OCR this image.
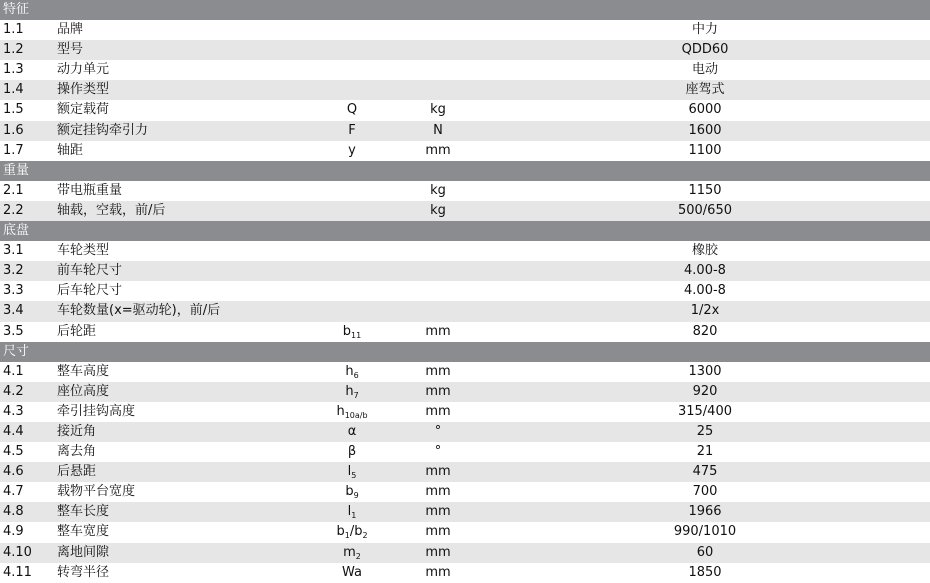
特征
1.1	品牌	中力
1.2	型号	QDD60
1.3	动力单元	电动
1.4	操作类型	座驾式
1.5	额定载荷	Q	kg	6000
1.6	额定挂钩牵引力	F	N	1600
1.7	轴距	y	mm	1100
重量
2.1	带电瓶重量	kg	1150
2.2	轴载，空载，前/后	kg	500/650
底盘
3.1	车轮类型	橡胶
3.2	前车轮尺寸	4.00-8
3.3	后车轮尺寸	4.00-8
3.4	车轮数量(x=驱动轮)，前/后	1/2x
3.5	后轮距	$b_{11}$	mm	820
尺寸
4.1	整车高度	$h_6$	mm	1300
4.2	座位高度	$h_7$	mm	920
4.3	牵引挂钩高度	$h_{10a/b}$	mm	315/400
4.4	接近角	α	°	25
4.5	离去角	β	°	21
4.6	后悬距	$l_5$	mm	475
4.7	载物平台宽度	$b_9$	mm	700
4.8	整车长度	$l_1$	mm	1966
4.9	整车宽度	$b_1/b_2$	mm	990/1010
4.10 离地间隙	$m_2$	mm	60
4.11 转弯半径	Wa	mm	1850
